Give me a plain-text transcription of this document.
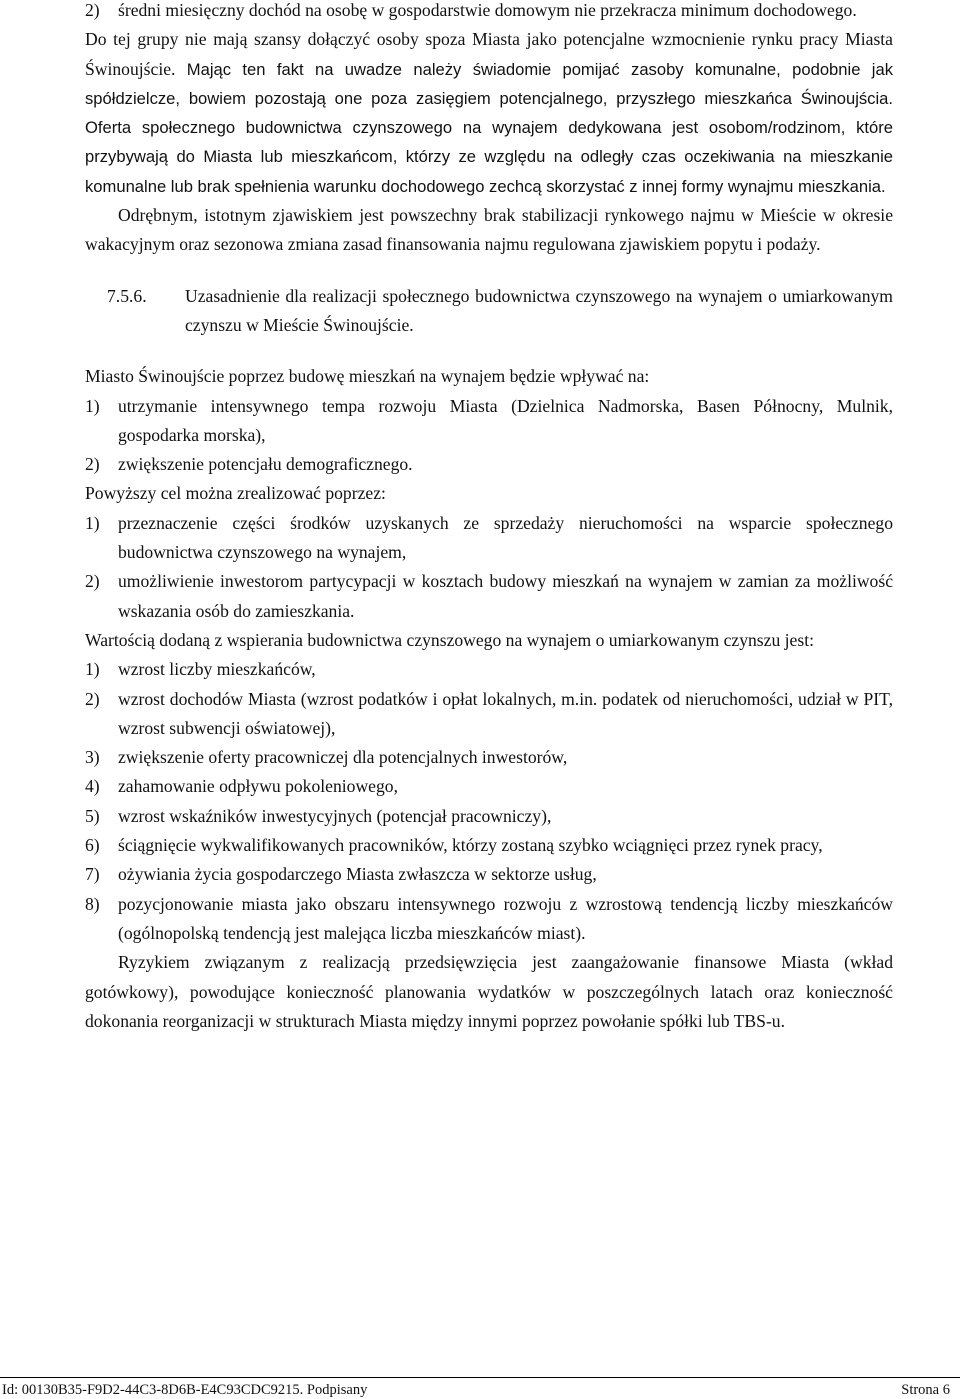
2)	średni miesięczny dochód na osobę w gospodarstwie domowym nie przekracza minimum dochodowego.

Do tej grupy nie mają szansy dołączyć osoby spoza Miasta jako potencjalne wzmocnienie rynku pracy Miasta Świnoujście. Mając ten fakt na uwadze należy świadomie pomijać zasoby komunalne, podobnie jak spółdzielcze, bowiem pozostają one poza zasięgiem potencjalnego, przyszłego mieszkańca Świnoujścia. Oferta społecznego budownictwa czynszowego na wynajem dedykowana jest osobom/rodzinom, które przybywają do Miasta lub mieszkańcom, którzy ze względu na odległy czas oczekiwania na mieszkanie komunalne lub brak spełnienia warunku dochodowego zechcą skorzystać z innej formy wynajmu mieszkania.

Odrębnym, istotnym zjawiskiem jest powszechny brak stabilizacji rynkowego najmu w Mieście w okresie wakacyjnym oraz sezonowa zmiana zasad finansowania najmu regulowana zjawiskiem popytu i podaży.

7.5.6.	Uzasadnienie dla realizacji społecznego budownictwa czynszowego na wynajem o umiarkowanym czynszu w Mieście Świnoujście.

Miasto Świnoujście poprzez budowę mieszkań na wynajem będzie wpływać na:

1)	utrzymanie intensywnego tempa rozwoju Miasta (Dzielnica Nadmorska, Basen Północny, Mulnik, gospodarka morska),
2)	zwiększenie potencjału demograficznego.

Powyższy cel można zrealizować poprzez:

1)	przeznaczenie części środków uzyskanych ze sprzedaży nieruchomości na wsparcie społecznego budownictwa czynszowego na wynajem,
2)	umożliwienie inwestorom partycypacji w kosztach budowy mieszkań na wynajem w zamian za możliwość wskazania osób do zamieszkania.

Wartością dodaną z wspierania budownictwa czynszowego na wynajem o umiarkowanym czynszu jest:

1)	wzrost liczby mieszkańców,
2)	wzrost dochodów Miasta (wzrost podatków i opłat lokalnych, m.in. podatek od nieruchomości, udział w PIT, wzrost subwencji oświatowej),
3)	zwiększenie oferty pracowniczej dla potencjalnych inwestorów,
4)	zahamowanie odpływu pokoleniowego,
5)	wzrost wskaźników inwestycyjnych (potencjał pracowniczy),
6)	ściągnięcie wykwalifikowanych pracowników, którzy zostaną szybko wciągnięci przez rynek pracy,
7)	ożywiania życia gospodarczego Miasta zwłaszcza w sektorze usług,
8)	pozycjonowanie miasta jako obszaru intensywnego rozwoju z wzrostową tendencją liczby mieszkańców (ogólnopolską tendencją jest malejąca liczba mieszkańców miast).

Ryzykiem związanym z realizacją przedsięwzięcia jest zaangażowanie finansowe Miasta (wkład gotówkowy), powodujące konieczność planowania wydatków w poszczególnych latach oraz konieczność dokonania reorganizacji w strukturach Miasta między innymi poprzez powołanie spółki lub TBS-u.

Id: 00130B35-F9D2-44C3-8D6B-E4C93CDC9215. Podpisany	Strona 6
